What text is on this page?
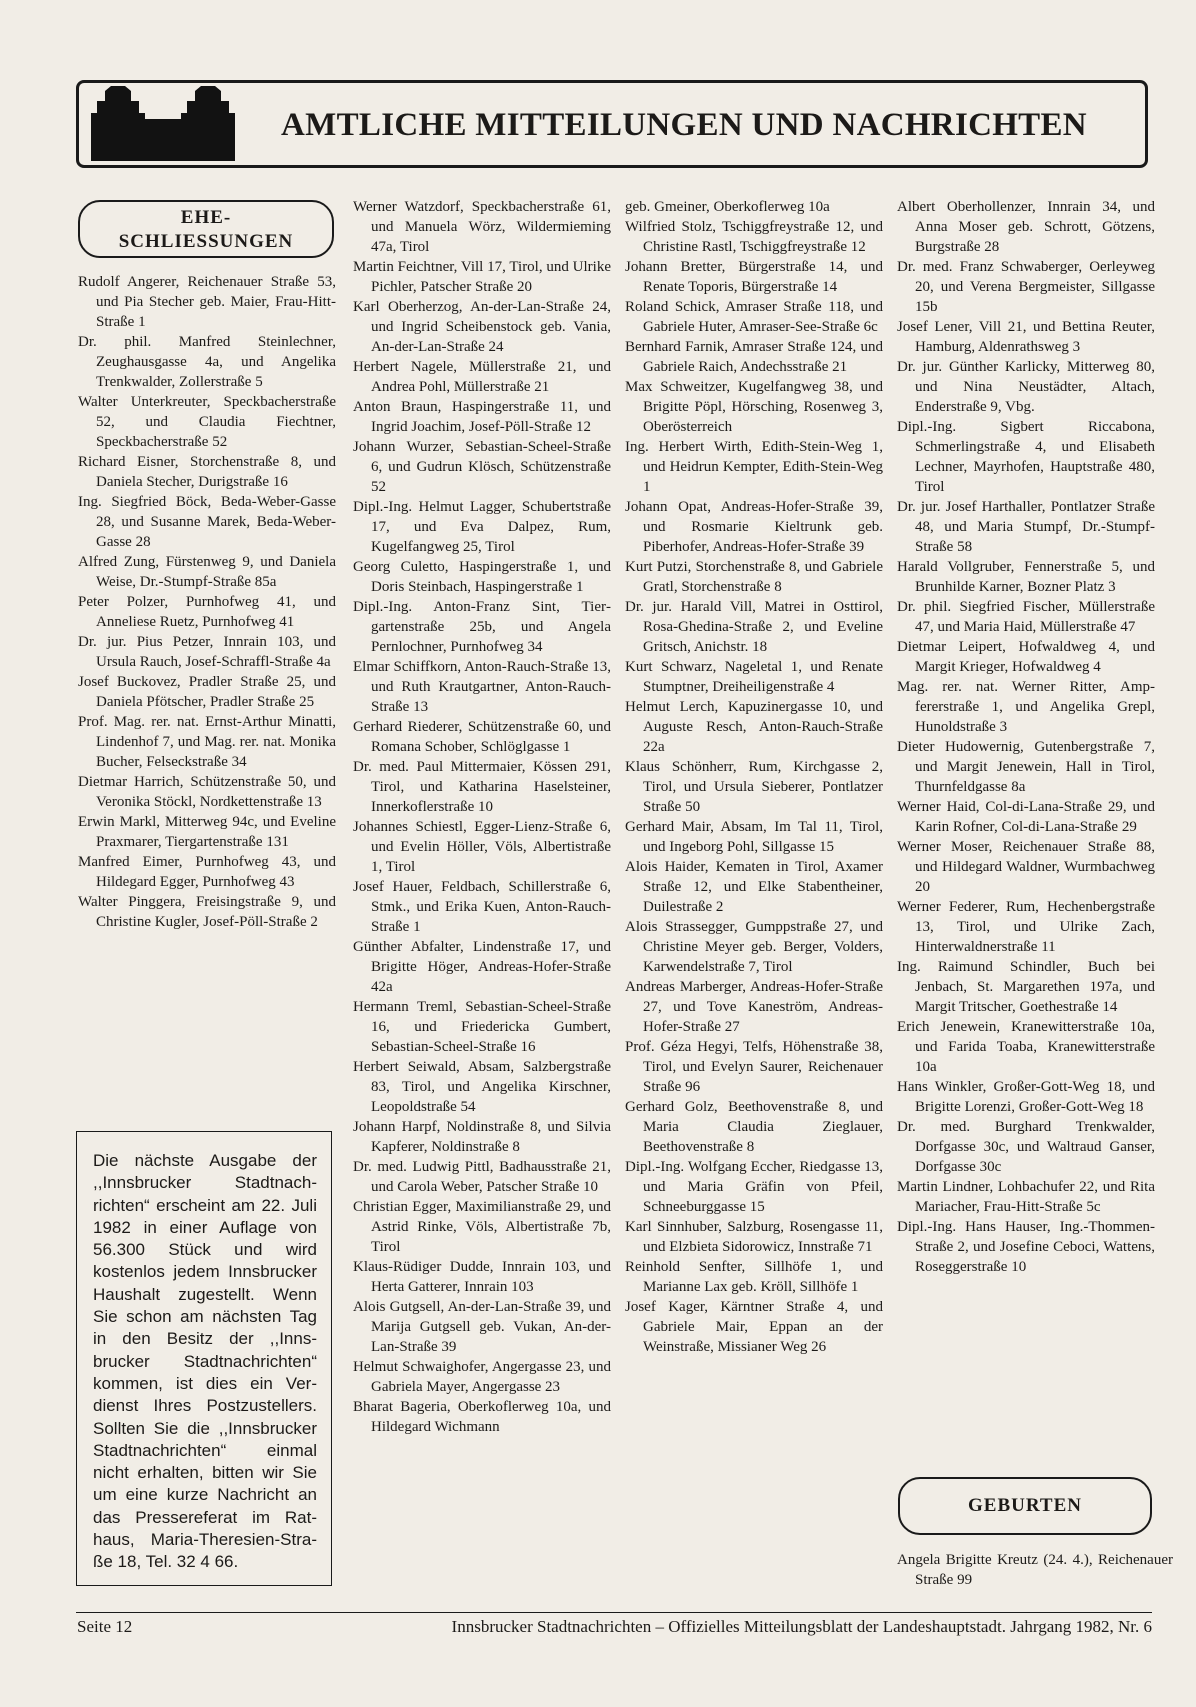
AMTLICHE MITTEILUNGEN UND NACHRICHTEN
EHE-
SCHLIESSUNGEN
Rudolf Angerer, Reichenauer Straße 53, und Pia Stecher geb. Maier, Frau-Hitt-Straße 1
Dr. phil. Manfred Steinlechner, Zeughausgasse 4a, und Angelika Trenkwalder, Zollerstraße 5
Walter Unterkreuter, Speckbacherstraße 52, und Claudia Fiechtner, Speckbacherstraße 52
Richard Eisner, Storchenstraße 8, und Daniela Stecher, Durigstraße 16
Ing. Siegfried Böck, Beda-Weber-Gasse 28, und Susanne Marek, Beda-Weber-Gasse 28
Alfred Zung, Fürstenweg 9, und Daniela Weise, Dr.-Stumpf-Straße 85a
Peter Polzer, Purnhofweg 41, und Anneliese Ruetz, Purnhofweg 41
Dr. jur. Pius Petzer, Innrain 103, und Ursula Rauch, Josef-Schraffl-Straße 4a
Josef Buckovez, Pradler Straße 25, und Daniela Pfötscher, Pradler Straße 25
Prof. Mag. rer. nat. Ernst-Arthur Minatti, Lindenhof 7, und Mag. rer. nat. Monika Bucher, Felseckstraße 34
Dietmar Harrich, Schützenstraße 50, und Veronika Stöckl, Nordkettenstraße 13
Erwin Markl, Mitterweg 94c, und Eveline Praxmarer, Tiergartenstraße 131
Manfred Eimer, Purnhofweg 43, und Hildegard Egger, Purnhofweg 43
Walter Pinggera, Freisingstraße 9, und Christine Kugler, Josef-Pöll-Straße 2
Die nächste Ausgabe der ,,Innsbrucker Stadtnachrichten“ erscheint am 22. Juli 1982 in einer Auflage von 56.300 Stück und wird kostenlos jedem Innsbrucker Haushalt zugestellt. Wenn Sie schon am nächsten Tag in den Besitz der ,,Innsbrucker Stadtnachrichten“ kommen, ist dies ein Verdienst Ihres Postzustellers. Sollten Sie die ,,Innsbrucker Stadtnachrichten“ einmal nicht erhalten, bitten wir Sie um eine kurze Nachricht an das Pressereferat im Rathaus, Maria-Theresien-Straße 18, Tel. 32 4 66.
Werner Watzdorf, Speckbacherstraße 61, und Manuela Wörz, Wildermieming 47a, Tirol
Martin Feichtner, Vill 17, Tirol, und Ulrike Pichler, Patscher Straße 20
Karl Oberherzog, An-der-Lan-Straße 24, und Ingrid Scheibenstock geb. Vania, An-der-Lan-Straße 24
Herbert Nagele, Müllerstraße 21, und Andrea Pohl, Müllerstraße 21
Anton Braun, Haspingerstraße 11, und Ingrid Joachim, Josef-Pöll-Straße 12
Johann Wurzer, Sebastian-Scheel-Straße 6, und Gudrun Klösch, Schützenstraße 52
Dipl.-Ing. Helmut Lagger, Schubertstraße 17, und Eva Dalpez, Rum, Kugelfangweg 25, Tirol
Georg Culetto, Haspingerstraße 1, und Doris Steinbach, Haspingerstraße 1
Dipl.-Ing. Anton-Franz Sint, Tiergartenstraße 25b, und Angela Pernlochner, Purnhofweg 34
Elmar Schiffkorn, Anton-Rauch-Straße 13, und Ruth Krautgartner, Anton-Rauch-Straße 13
Gerhard Riederer, Schützenstraße 60, und Romana Schober, Schlöglgasse 1
Dr. med. Paul Mittermaier, Kössen 291, Tirol, und Katharina Haselsteiner, Innerkoflerstraße 10
Johannes Schiestl, Egger-Lienz-Straße 6, und Evelin Höller, Völs, Albertistraße 1, Tirol
Josef Hauer, Feldbach, Schillerstraße 6, Stmk., und Erika Kuen, Anton-Rauch-Straße 1
Günther Abfalter, Lindenstraße 17, und Brigitte Höger, Andreas-Hofer-Straße 42a
Hermann Treml, Sebastian-Scheel-Straße 16, und Friedericka Gumbert, Sebastian-Scheel-Straße 16
Herbert Seiwald, Absam, Salzbergstraße 83, Tirol, und Angelika Kirschner, Leopoldstraße 54
Johann Harpf, Noldinstraße 8, und Silvia Kapferer, Noldinstraße 8
Dr. med. Ludwig Pittl, Badhausstraße 21, und Carola Weber, Patscher Straße 10
Christian Egger, Maximilianstraße 29, und Astrid Rinke, Völs, Albertistraße 7b, Tirol
Klaus-Rüdiger Dudde, Innrain 103, und Herta Gatterer, Innrain 103
Alois Gutgsell, An-der-Lan-Straße 39, und Marija Gutgsell geb. Vukan, An-der-Lan-Straße 39
Helmut Schwaighofer, Angergasse 23, und Gabriela Mayer, Angergasse 23
Bharat Bageria, Oberkoflerweg 10a, und Hildegard Wichmann
geb. Gmeiner, Oberkoflerweg 10a
Wilfried Stolz, Tschiggfreystraße 12, und Christine Rastl, Tschiggfreystraße 12
Johann Bretter, Bürgerstraße 14, und Renate Toporis, Bürgerstraße 14
Roland Schick, Amraser Straße 118, und Gabriele Huter, Amraser-See-Straße 6c
Bernhard Farnik, Amraser Straße 124, und Gabriele Raich, Andechsstraße 21
Max Schweitzer, Kugelfangweg 38, und Brigitte Pöpl, Hörsching, Rosenweg 3, Oberösterreich
Ing. Herbert Wirth, Edith-Stein-Weg 1, und Heidrun Kempter, Edith-Stein-Weg 1
Johann Opat, Andreas-Hofer-Straße 39, und Rosmarie Kieltrunk geb. Piberhofer, Andreas-Hofer-Straße 39
Kurt Putzi, Storchenstraße 8, und Gabriele Gratl, Storchenstraße 8
Dr. jur. Harald Vill, Matrei in Osttirol, Rosa-Ghedina-Straße 2, und Eveline Gritsch, Anichstr. 18
Kurt Schwarz, Nageletal 1, und Renate Stumptner, Dreiheiligenstraße 4
Helmut Lerch, Kapuzinergasse 10, und Auguste Resch, Anton-Rauch-Straße 22a
Klaus Schönherr, Rum, Kirchgasse 2, Tirol, und Ursula Sieberer, Pontlatzer Straße 50
Gerhard Mair, Absam, Im Tal 11, Tirol, und Ingeborg Pohl, Sillgasse 15
Alois Haider, Kematen in Tirol, Axamer Straße 12, und Elke Stabentheiner, Duilestraße 2
Alois Strassegger, Gumppstraße 27, und Christine Meyer geb. Berger, Volders, Karwendelstraße 7, Tirol
Andreas Marberger, Andreas-Hofer-Straße 27, und Tove Kaneström, Andreas-Hofer-Straße 27
Prof. Géza Hegyi, Telfs, Höhenstraße 38, Tirol, und Evelyn Saurer, Reichenauer Straße 96
Gerhard Golz, Beethovenstraße 8, und Maria Claudia Zieglauer, Beethovenstraße 8
Dipl.-Ing. Wolfgang Eccher, Riedgasse 13, und Maria Gräfin von Pfeil, Schneeburggasse 15
Karl Sinnhuber, Salzburg, Rosengasse 11, und Elzbieta Sidorowicz, Innstraße 71
Reinhold Senfter, Sillhöfe 1, und Marianne Lax geb. Kröll, Sillhöfe 1
Josef Kager, Kärntner Straße 4, und Gabriele Mair, Eppan an der Weinstraße, Missianer Weg 26
Albert Oberhollenzer, Innrain 34, und Anna Moser geb. Schrott, Götzens, Burgstraße 28
Dr. med. Franz Schwaberger, Oerleyweg 20, und Verena Bergmeister, Sillgasse 15b
Josef Lener, Vill 21, und Bettina Reuter, Hamburg, Aldenrathsweg 3
Dr. jur. Günther Karlicky, Mitterweg 80, und Nina Neustädter, Altach, Enderstraße 9, Vbg.
Dipl.-Ing. Sigbert Riccabona, Schmerlingstraße 4, und Elisabeth Lechner, Mayrhofen, Hauptstraße 480, Tirol
Dr. jur. Josef Harthaller, Pontlatzer Straße 48, und Maria Stumpf, Dr.-Stumpf-Straße 58
Harald Vollgruber, Fennerstraße 5, und Brunhilde Karner, Bozner Platz 3
Dr. phil. Siegfried Fischer, Müllerstraße 47, und Maria Haid, Müllerstraße 47
Dietmar Leipert, Hofwaldweg 4, und Margit Krieger, Hofwaldweg 4
Mag. rer. nat. Werner Ritter, Ampfererstraße 1, und Angelika Grepl, Hunoldstraße 3
Dieter Hudowernig, Gutenbergstraße 7, und Margit Jenewein, Hall in Tirol, Thurnfeldgasse 8a
Werner Haid, Col-di-Lana-Straße 29, und Karin Rofner, Col-di-Lana-Straße 29
Werner Moser, Reichenauer Straße 88, und Hildegard Waldner, Wurmbachweg 20
Werner Federer, Rum, Hechenbergstraße 13, Tirol, und Ulrike Zach, Hinterwaldnerstraße 11
Ing. Raimund Schindler, Buch bei Jenbach, St. Margarethen 197a, und Margit Tritscher, Goethestraße 14
Erich Jenewein, Kranewitterstraße 10a, und Farida Toaba, Kranewitterstraße 10a
Hans Winkler, Großer-Gott-Weg 18, und Brigitte Lorenzi, Großer-Gott-Weg 18
Dr. med. Burghard Trenkwalder, Dorfgasse 30c, und Waltraud Ganser, Dorfgasse 30c
Martin Lindner, Lohbachufer 22, und Rita Mariacher, Frau-Hitt-Straße 5c
Dipl.-Ing. Hans Hauser, Ing.-Thommen-Straße 2, und Josefine Ceboci, Wattens, Roseggerstraße 10
GEBURTEN
Angela Brigitte Kreutz (24. 4.), Reichenauer Straße 99
Seite 12	Innsbrucker Stadtnachrichten – Offizielles Mitteilungsblatt der Landeshauptstadt. Jahrgang 1982, Nr. 6
